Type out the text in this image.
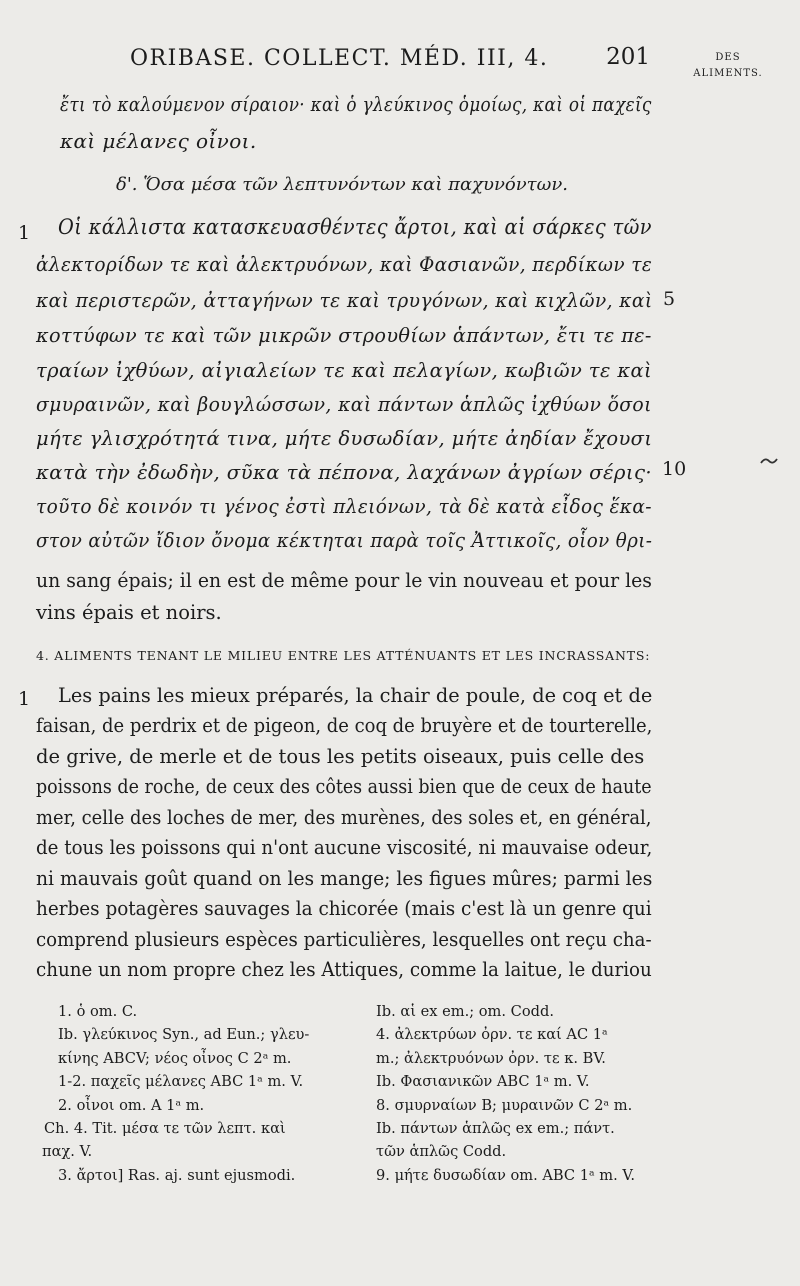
ORIBASE. COLLECT. MÉD. III, 4.	201	DES
ALIMENTS.
ἔτι τὸ καλούμενον σίραιον· καὶ ὁ γλεύκινος ὁμοίως, καὶ οἱ παχεῖς
καὶ μέλανες οἶνοι.
δ'. Ὅσα μέσα τῶν λεπτυνόντων καὶ παχυνόντων.
1 Οἱ κάλλιστα κατασκευασθέντες ἄρτοι, καὶ αἱ σάρκες τῶν
ἀλεκτορίδων τε καὶ ἀλεκτρυόνων, καὶ Φασιανῶν, περδίκων τε
καὶ περιστερῶν, ἀτταγήνων τε καὶ τρυγόνων, καὶ κιχλῶν, καὶ 5
κοττύφων τε καὶ τῶν μικρῶν στρουθίων ἁπάντων, ἔτι τε πε-
τραίων ἰχθύων, αἰγιαλείων τε καὶ πελαγίων, κωβιῶν τε καὶ
σμυραινῶν, καὶ βουγλώσσων, καὶ πάντων ἁπλῶς ἰχθύων ὅσοι
μήτε γλισχρότητά τινα, μήτε δυσωδίαν, μήτε ἀηδίαν ἔχουσι
κατὰ τὴν ἐδωδὴν, σῦκα τὰ πέπονα, λαχάνων ἀγρίων σέρις· 10
τοῦτο δὲ κοινόν τι γένος ἐστὶ πλειόνων, τὰ δὲ κατὰ εἶδος ἕκα-
στον αὐτῶν ἴδιον ὄνομα κέκτηται παρὰ τοῖς Ἀττικοῖς, οἷον θρι-
un sang épais; il en est de même pour le vin nouveau et pour les
vins épais et noirs.
4. ALIMENTS TENANT LE MILIEU ENTRE LES ATTÉNUANTS ET LES INCRASSANTS:
1 Les pains les mieux préparés, la chair de poule, de coq et de
faisan, de perdrix et de pigeon, de coq de bruyère et de tourterelle,
de grive, de merle et de tous les petits oiseaux, puis celle des
poissons de roche, de ceux des côtes aussi bien que de ceux de haute
mer, celle des loches de mer, des murènes, des soles et, en général,
de tous les poissons qui n'ont aucune viscosité, ni mauvaise odeur,
ni mauvais goût quand on les mange; les figues mûres; parmi les
herbes potagères sauvages la chicorée (mais c'est là un genre qui
comprend plusieurs espèces particulières, lesquelles ont reçu cha-
chune un nom propre chez les Attiques, comme la laitue, le duriou
1. ὁ om. C.
Ib. γλεύκινος Syn., ad Eun.; γλευ-
κίνης ABCV; νέος οἶνος C 2ᵃ m.
1-2. παχεῖς μέλανες ABC 1ᵃ m. V.
2. οἶνοι om. A 1ᵃ m.
Ch. 4. Tit. μέσα τε τῶν λεπτ. καὶ
παχ. V.
3. ἄρτοι] Ras. aj. sunt ejusmodi.
Ib. αἱ ex em.; om. Codd.
4. ἀλεκτρύων ὀρν. τε καί AC 1ᵃ
m.; ἀλεκτρυόνων ὀρν. τε κ. BV.
Ib. Φασιανικῶν ABC 1ᵃ m. V.
8. σμυρναίων B; μυραινῶν C 2ᵃ m.
Ib. πάντων ἁπλῶς ex em.; πάντ.
τῶν ἁπλῶς Codd.
9. μήτε δυσωδίαν om. ABC 1ᵃ m. V.
